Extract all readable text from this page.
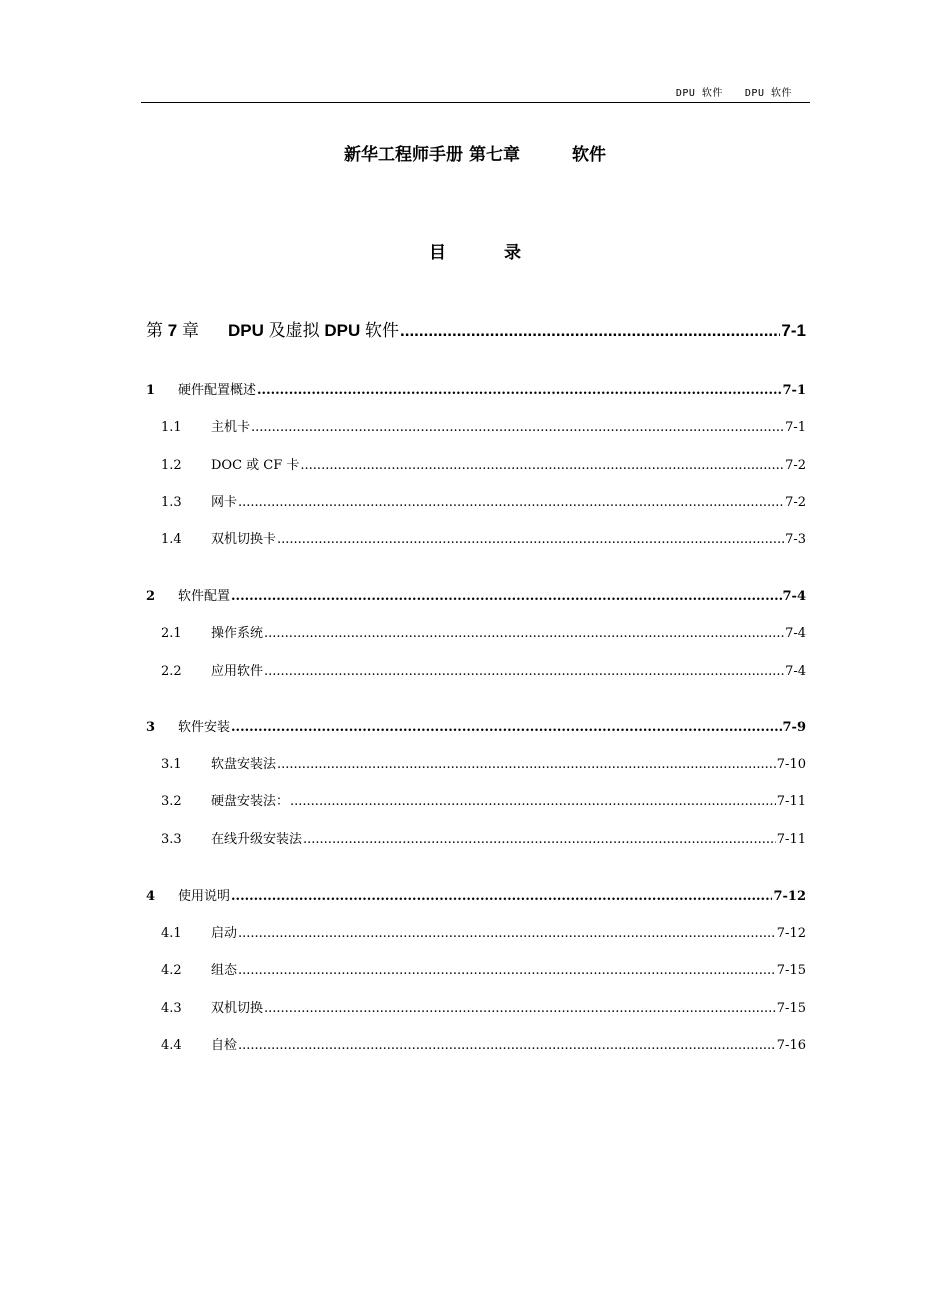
DPU 软件 DPU 软件
新华工程师手册 第七章	软件
目	录
第 7 章	DPU 及虚拟 DPU 软件 .....	7-1
1	硬件配置概述 .....	7-1
1.1	主机卡 .....	7-1
1.2	DOC 或 CF 卡 .....	7-2
1.3	网卡 .....	7-2
1.4	双机切换卡 .....	7-3
2	软件配置 .....	7-4
2.1	操作系统 .....	7-4
2.2	应用软件 .....	7-4
3	软件安装 .....	7-9
3.1	软盘安装法 .....	7-10
3.2	硬盘安装法： .....	7-11
3.3	在线升级安装法 .....	7-11
4	使用说明 .....	7-12
4.1	启动 .....	7-12
4.2	组态 .....	7-15
4.3	双机切换 .....	7-15
4.4	自检 .....	7-16
